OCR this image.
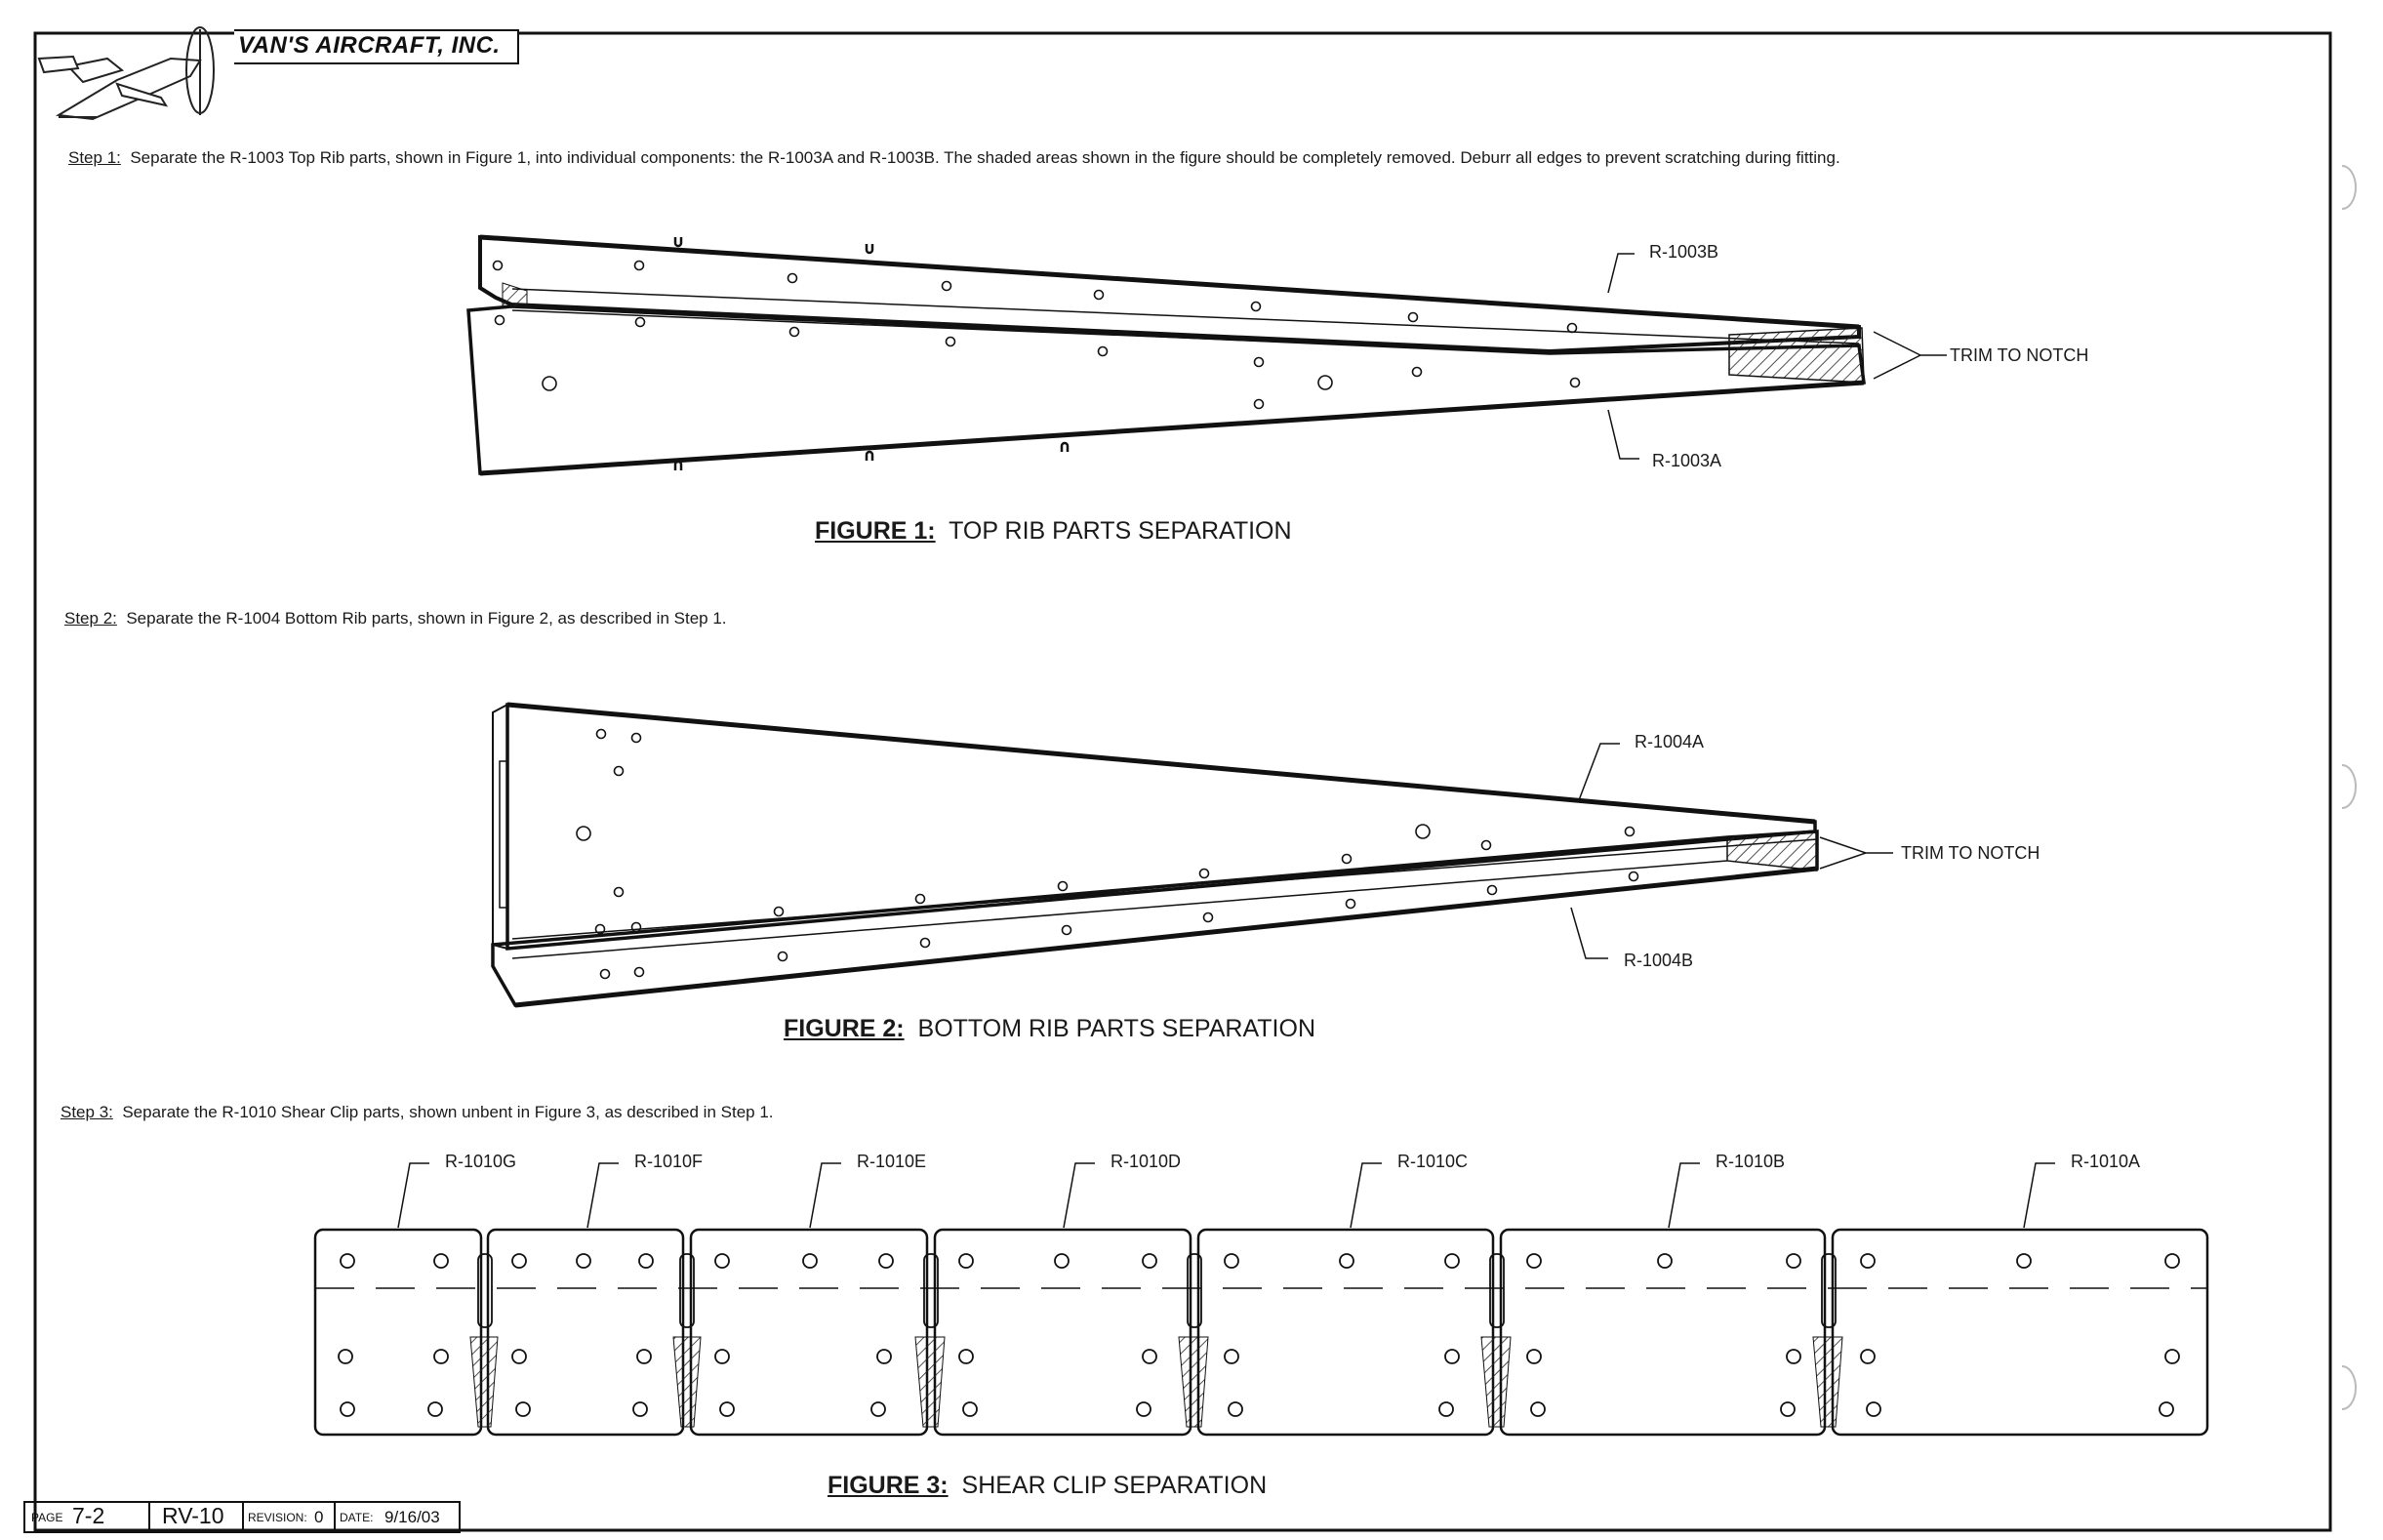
VAN'S AIRCRAFT, INC.
Step 1: Separate the R-1003 Top Rib parts, shown in Figure 1, into individual components: the R-1003A and R-1003B. The shaded areas shown in the figure should be completely removed. Deburr all edges to prevent scratching during fitting.
R-1003B
TRIM TO NOTCH
R-1003A
FIGURE 1: TOP RIB PARTS SEPARATION
Step 2: Separate the R-1004 Bottom Rib parts, shown in Figure 2, as described in Step 1.
R-1004A
TRIM TO NOTCH
R-1004B
FIGURE 2: BOTTOM RIB PARTS SEPARATION
Step 3: Separate the R-1010 Shear Clip parts, shown unbent in Figure 3, as described in Step 1.
R-1010G	R-1010F	R-1010E	R-1010D	R-1010C	R-1010B	R-1010A
FIGURE 3: SHEAR CLIP SEPARATION
PAGE 7-2	RV-10 REVISION: 0 DATE: 9/16/03
